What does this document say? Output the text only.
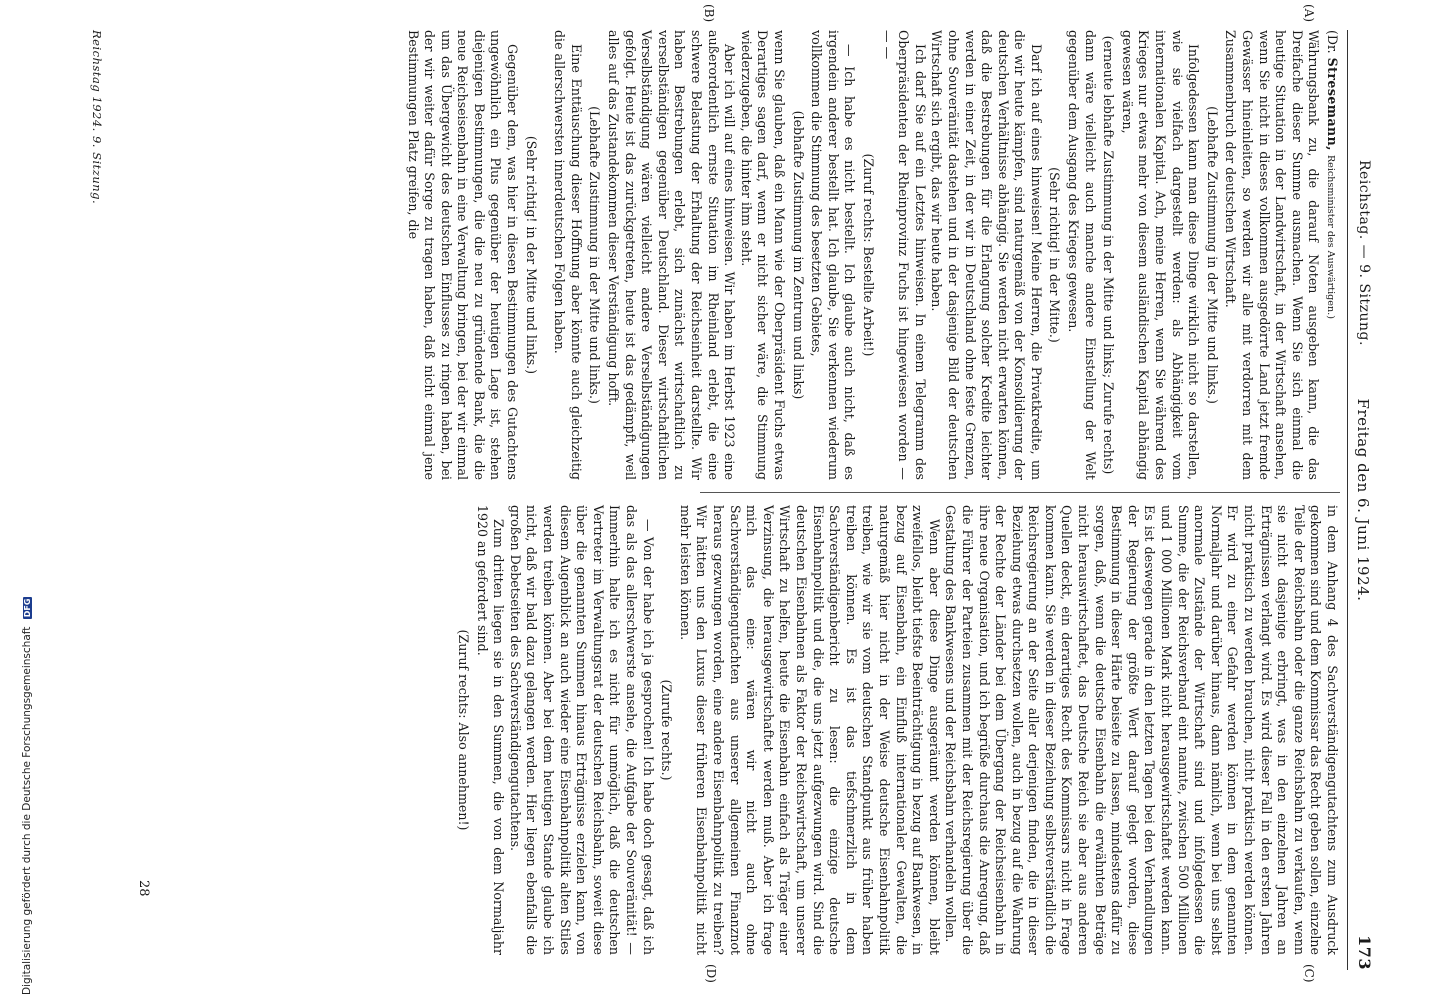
Reichstag. — 9. Sitzung.
Freitag den 6. Juni 1924.
173
(A)
(B)
(C)
(D)

(Dr. Stresemann, Reichsminister des Auswärtigen.)

Währungsbank zu, die darauf Noten ausgeben kann, die das Dreifache dieser Summe ausmachen. Wenn Sie sich einmal die heutige Situation in der Landwirtschaft, in der Wirtschaft ansehen, wenn Sie nicht in dieses vollkommen ausgedörrte Land jetzt fremde Gewässer hineinleiten, so werden wir alle mit verdorren mit dem Zusammenbruch der deutschen Wirtschaft.

(Lebhafte Zustimmung in der Mitte und links.)

Infolgedessen kann man diese Dinge wirklich nicht so darstellen, wie sie vielfach dargestellt werden: als Abhängigkeit vom internationalen Kapital. Ach, meine Herren, wenn Sie während des Krieges nur etwas mehr von diesem ausländischen Kapital abhängig gewesen wären,

(erneute lebhafte Zustimmung in der Mitte und links; Zurufe rechts)

dann wäre vielleicht auch manche andere Einstellung der Welt gegenüber dem Ausgang des Krieges gewesen.

(Sehr richtig! in der Mitte.)

Darf ich auf eines hinweisen! Meine Herren, die Privatkredite, um die wir heute kämpfen, sind naturgemäß von der Konsolidierung der deutschen Verhältnisse abhängig. Sie werden nicht erwarten können, daß die Bestrebungen für die Erlangung solcher Kredite leichter werden in einer Zeit, in der wir in Deutschland ohne feste Grenzen, ohne Souveränität dastehen und in der dasjenige Bild der deutschen Wirtschaft sich ergibt, das wir heute haben.

Ich darf Sie auf ein Letztes hinweisen. In einem Telegramm des Oberpräsidenten der Rheinprovinz Fuchs ist hingewiesen worden — — —

(Zuruf rechts: Bestellte Arbeit!)

— Ich habe es nicht bestellt. Ich glaube auch nicht, daß es irgendein anderer bestellt hat. Ich glaube, Sie verkennen wiederum vollkommen die Stimmung des besetzten Gebietes,

(lebhafte Zustimmung im Zentrum und links)

wenn Sie glauben, daß ein Mann wie der Oberpräsident Fuchs etwas Derartiges sagen darf, wenn er nicht sicher wäre, die Stimmung wiederzugeben, die hinter ihm steht.

Aber ich will auf eines hinweisen. Wir haben im Herbst 1923 eine außerordentlich ernste Situation im Rheinland erlebt, die eine schwere Belastung der Erhaltung der Reichseinheit darstellte. Wir haben Bestrebungen erlebt, sich zunächst wirtschaftlich zu verselbständigen gegenüber Deutschland. Dieser wirtschaftlichen Verselbständigung wären vielleicht andere Verselbständigungen gefolgt. Heute ist das zurückgetreten, heute ist das gedämpft, weil alles auf das Zustandekommen dieser Verständigung hofft.

(Lebhafte Zustimmung in der Mitte und links.)

Eine Enttäuschung dieser Hoffnung aber könnte auch gleichzeitig die allerschwersten innerdeutschen Folgen haben.

(Sehr richtig! in der Mitte und links.)

Gegenüber dem, was hier in diesen Bestimmungen des Gutachtens ungewöhnlich ein Plus gegenüber der heutigen Lage ist, stehen diejenigen Bestimmungen, die die neu zu gründende Bank, die die neue Reichseisenbahn in eine Verwaltung bringen, bei der wir einmal um das Übergewicht des deutschen Einflusses zu ringen haben, bei der wir weiter dafür Sorge zu tragen haben, daß nicht einmal jene Bestimmungen Platz greifen, die

in dem Anhang 4 des Sachverständigengutachtens zum Ausdruck gekommen sind und dem Kommissar das Recht geben sollen, einzelne Teile der Reichsbahn oder die ganze Reichsbahn zu verkaufen, wenn sie nicht dasjenige erbringt, was in den einzelnen Jahren an Erträgnissen verlangt wird. Es wird dieser Fall in den ersten Jahren nicht praktisch zu werden brauchen, nicht praktisch werden können. Er wird zu einer Gefahr werden können in dem genannten Normaljahr und darüber hinaus, dann nämlich, wenn bei uns selbst anormale Zustände der Wirtschaft sind und infolgedessen die Summe, die der Reichsverband eint nannte, zwischen 500 Millionen und 1 000 Millionen Mark nicht herausgewirtschaftet werden kann. Es ist deswegen gerade in den letzten Tagen bei den Verhandlungen der Regierung der größte Wert darauf gelegt worden, diese Bestimmung in dieser Härte beiseite zu lassen, mindestens dafür zu sorgen, daß, wenn die deutsche Eisenbahn die erwähnten Beträge nicht herauswirtschaftet, das Deutsche Reich sie aber aus anderen Quellen deckt, ein derartiges Recht des Kommissars nicht in Frage kommen kann. Sie werden in dieser Beziehung selbstverständlich die Reichsregierung an der Seite aller derjenigen finden, die in dieser Beziehung etwas durchsetzen wollen, auch in bezug auf die Wahrung der Rechte der Länder bei dem Übergang der Reichseisenbahn in ihre neue Organisation, und ich begrüße durchaus die Anregung, daß die Führer der Parteien zusammen mit der Reichsregierung über die Gestaltung des Bankwesens und der Reichsbahn verhandeln wollen.

Wenn aber diese Dinge ausgeräumt werden können, bleibt zweifellos, bleibt tiefste Beeinträchtigung in bezug auf Bankwesen, in bezug auf Eisenbahn, ein Einfluß internationaler Gewalten, die naturgemäß hier nicht in der Weise deutsche Eisenbahnpolitik treiben, wie wir sie vom deutschen Standpunkt aus früher haben treiben können. Es ist das tiefschmerzlich in dem Sachverständigenbericht zu lesen: die einzige deutsche Eisenbahnpolitik und die, die uns jetzt aufgezwungen wird. Sind die deutschen Eisenbahnen als Faktor der Reichswirtschaft, um unserer Wirtschaft zu helfen, heute die Eisenbahn einfach als Träger einer Verzinsung, die herausgewirtschaftet werden muß. Aber ich frage mich das eine: wären wir nicht auch ohne Sachverständigengutachten aus unserer allgemeinen Finanznot heraus gezwungen worden, eine andere Eisenbahnpolitik zu treiben? Wir hätten uns den Luxus dieser früheren Eisenbahnpolitik nicht mehr leisten können.

(Zurufe rechts.)

— Von der habe ich ja gesprochen! Ich habe doch gesagt, daß ich das als das allerschwerste ansehe, die Aufgabe der Souveränität! — Immerhin halte ich es nicht für unmöglich, daß die deutschen Vertreter im Verwaltungsrat der deutschen Reichsbahn, soweit diese über die genannten Summen hinaus Erträgnisse erzielen kann, von diesem Augenblick an auch wieder eine Eisenbahnpolitik alten Stiles werden treiben können. Aber bei dem heutigen Stande glaube ich nicht, daß wir bald dazu gelangen werden. Hier liegen ebenfalls die großen Debetseiten des Sachverständigengutachtens.

Zum dritten liegen sie in den Summen, die von dem Normaljahr 1920 an gefordert sind.

(Zuruf rechts: Also annehmen!)

Reichstag 1924. 9. Sitzung.
28
Digitalisierung gefördert durch die Deutsche Forschungsgemeinschaft DFG
